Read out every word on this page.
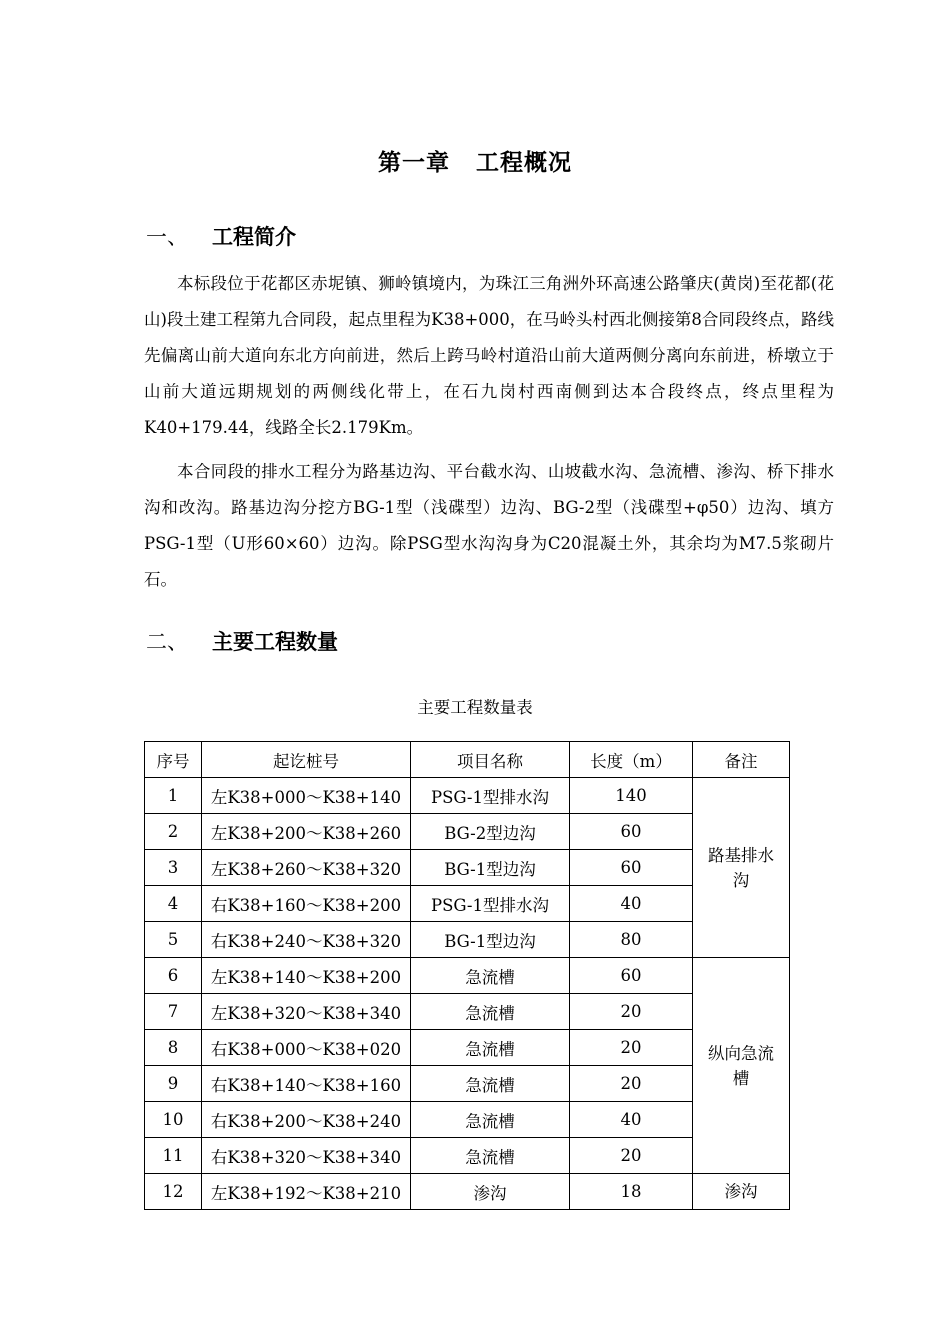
第一章 工程概况
一、 工程简介
本标段位于花都区赤坭镇、狮岭镇境内，为珠江三角洲外环高速公路肇庆(黄岗)至花都(花山)段土建工程第九合同段，起点里程为K38+000，在马岭头村西北侧接第8合同段终点，路线先偏离山前大道向东北方向前进，然后上跨马岭村道沿山前大道两侧分离向东前进，桥墩立于山前大道远期规划的两侧线化带上，在石九岗村西南侧到达本合段终点，终点里程为K40+179.44，线路全长2.179Km。
本合同段的排水工程分为路基边沟、平台截水沟、山坡截水沟、急流槽、渗沟、桥下排水沟和改沟。路基边沟分挖方BG-1型（浅碟型）边沟、BG-2型（浅碟型+φ50）边沟、填方PSG-1型（U形60×60）边沟。除PSG型水沟沟身为C20混凝土外，其余均为M7.5浆砌片石。
二、 主要工程数量
主要工程数量表
序号	起讫桩号	项目名称	长度（m）	备注
1	左K38+000～K38+140	PSG-1型排水沟	140	路基排水沟
2	左K38+200～K38+260	BG-2型边沟	60	
3	左K38+260～K38+320	BG-1型边沟	60	
4	右K38+160～K38+200	PSG-1型排水沟	40	
5	右K38+240～K38+320	BG-1型边沟	80	
6	左K38+140～K38+200	急流槽	60	纵向急流槽
7	左K38+320～K38+340	急流槽	20	
8	右K38+000～K38+020	急流槽	20	
9	右K38+140～K38+160	急流槽	20	
10	右K38+200～K38+240	急流槽	40	
11	右K38+320～K38+340	急流槽	20	
12	左K38+192～K38+210	渗沟	18	渗沟
